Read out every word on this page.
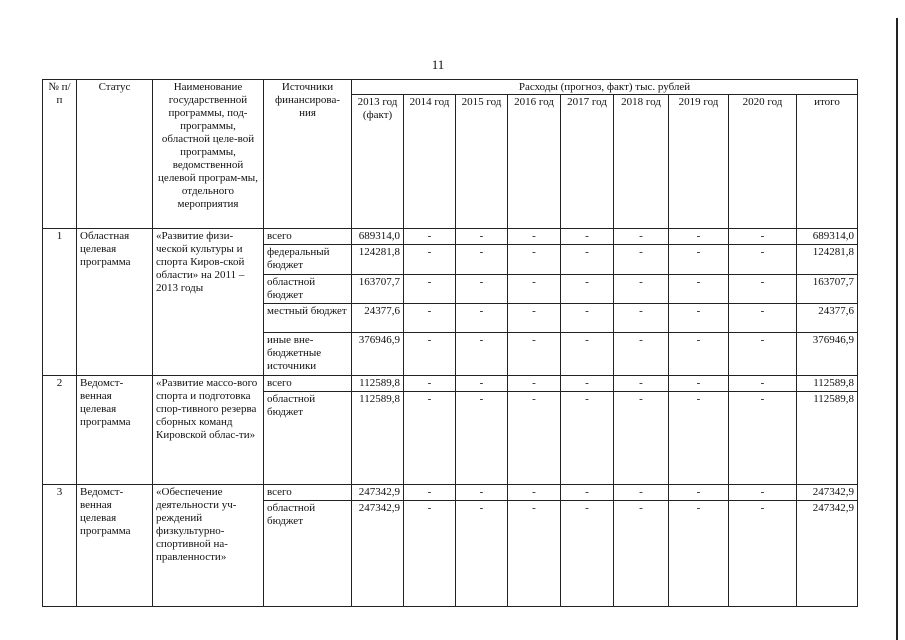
11
№ п/п	Статус	Наименование государственной программы, под-программы, областной целе-вой программы, ведомственной целевой програм-мы, отдельного мероприятия	Источники финансирова-ния	Расходы (прогноз, факт) тыс. рублей								
				2013 год (факт)	2014 год	2015 год	2016 год	2017 год	2018 год	2019 год	2020 год	итого
1	Областная целевая программа	«Развитие физи-ческой культуры и спорта Киров-ской области» на 2011 – 2013 годы	всего	689314,0	-	-	-	-	-	-	-	689314,0
			федеральный бюджет	124281,8	-	-	-	-	-	-	-	124281,8
			областной бюджет	163707,7	-	-	-	-	-	-	-	163707,7
			местный бюджет	24377,6	-	-	-	-	-	-	-	24377,6
			иные вне-бюджетные источники	376946,9	-	-	-	-	-	-	-	376946,9
2	Ведомст-венная целевая программа	«Развитие массо-вого спорта и подготовка спор-тивного резерва сборных команд Кировской облас-ти»	всего	112589,8	-	-	-	-	-	-	-	112589,8
			областной бюджет	112589,8	-	-	-	-	-	-	-	112589,8
3	Ведомст-венная целевая программа	«Обеспечение деятельности уч-реждений физкультурно-спортивной на-правленности»	всего	247342,9	-	-	-	-	-	-	-	247342,9
			областной бюджет	247342,9	-	-	-	-	-	-	-	247342,9
